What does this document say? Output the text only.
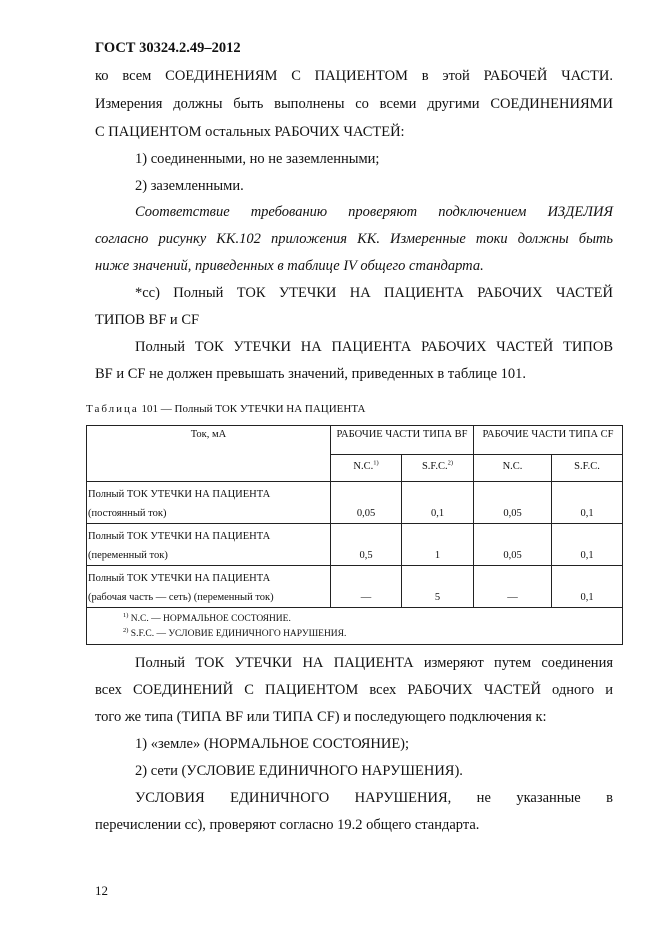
ГОСТ 30324.2.49–2012
ко всем СОЕДИНЕНИЯМ С ПАЦИЕНТОМ в этой РАБОЧЕЙ ЧАСТИ.
Измерения должны быть выполнены со всеми другими СОЕДИНЕНИЯМИ
С ПАЦИЕНТОМ остальных РАБОЧИХ ЧАСТЕЙ:
1) соединенными, но не заземленными;
2) заземленными.
Соответствие требованию проверяют подключением ИЗДЕЛИЯ
согласно рисунку КК.102 приложения КК. Измеренные токи должны быть
ниже значений, приведенных в таблице IV общего стандарта.
*cc) Полный ТОК УТЕЧКИ НА ПАЦИЕНТА РАБОЧИХ ЧАСТЕЙ
ТИПОВ BF и CF
Полный ТОК УТЕЧКИ НА ПАЦИЕНТА РАБОЧИХ ЧАСТЕЙ ТИПОВ
BF и CF не должен превышать значений, приведенных в таблице 101.
Таблица 101 — Полный ТОК УТЕЧКИ НА ПАЦИЕНТА
Ток, мА	РАБОЧИЕ ЧАСТИ ТИПА BF		РАБОЧИЕ ЧАСТИ ТИПА CF	
	N.C.$^{1)}$	S.F.C.$^{2)}$	N.C.	S.F.C.
Полный ТОК УТЕЧКИ НА ПАЦИЕНТА
(постоянный ток)	0,05	0,1	0,05	0,1
Полный ТОК УТЕЧКИ НА ПАЦИЕНТА
(переменный ток)	0,5	1	0,05	0,1
Полный ТОК УТЕЧКИ НА ПАЦИЕНТА
(рабочая часть — сеть) (переменный ток)	—	5	—	0,1

$^{1)}$ N.C. — НОРМАЛЬНОЕ СОСТОЯНИЕ.
$^{2)}$ S.F.C. — УСЛОВИЕ ЕДИНИЧНОГО НАРУШЕНИЯ.				
Полный ТОК УТЕЧКИ НА ПАЦИЕНТА измеряют путем соединения
всех СОЕДИНЕНИЙ С ПАЦИЕНТОМ всех РАБОЧИХ ЧАСТЕЙ одного и
того же типа (ТИПА BF или ТИПА CF) и последующего подключения к:
1) «земле» (НОРМАЛЬНОЕ СОСТОЯНИЕ);
2) сети (УСЛОВИЕ ЕДИНИЧНОГО НАРУШЕНИЯ).
УСЛОВИЯ ЕДИНИЧНОГО НАРУШЕНИЯ, не указанные в
перечислении сс), проверяют согласно 19.2 общего стандарта.
12
